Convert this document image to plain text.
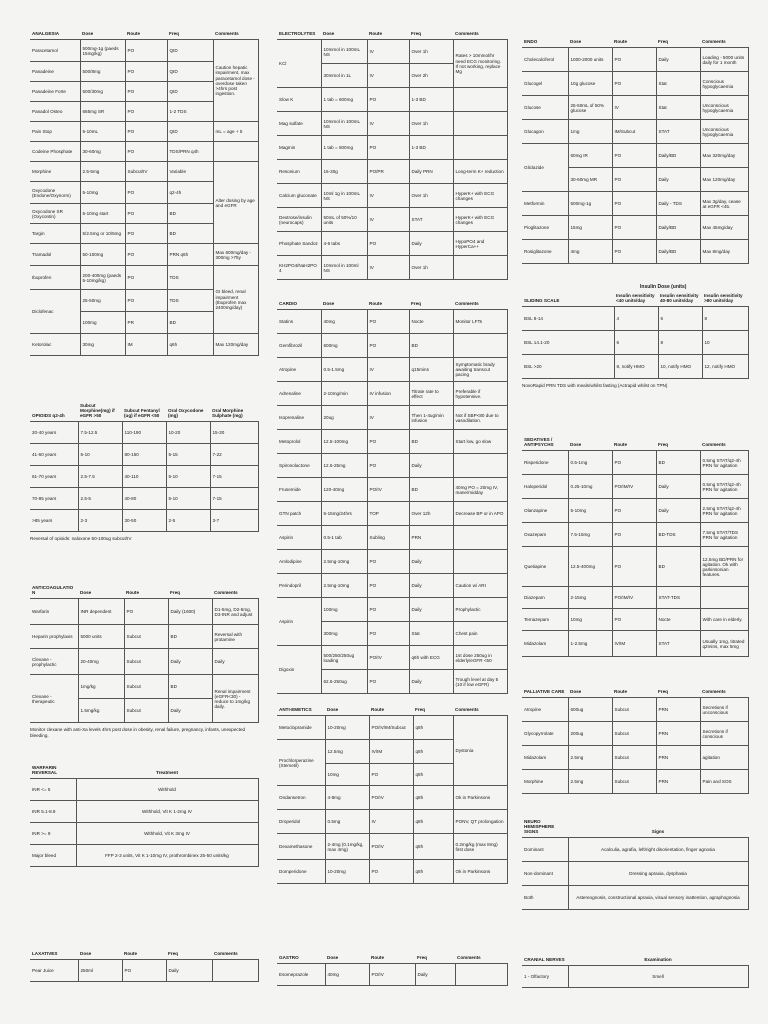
ANALGESIA	Dose	Route	Freq	Comments
Paracetamol	500mg-1g (paeds 15mg/kg)	PO	QID	Caution hepatic impairment, max paracetamol dose - overdose taken >4hrs post ingestion.
Panadeine	500/8mg	PO	QID	
Panadeine Forte	500/30mg	PO	QID	
Panadol Osteo	665mg SR	PO	1-2 TDS	
Pain Stop	5-10mL	PO	QID	mL = age + 5
Codeine Phosphate	30-60mg	PO	TDS/PRN q4h	
Morphine	2.5-5mg	Subcut/IV	Variable	Alter dosing by age and eGFR
Oxycodone (Endone/Oxynorm)	5-10mg	PO	q2-4h	
Oxycodone SR (Oxycontin)	5-10mg start	PO	BD	
Targin	5/2.5mg or 10/5mg	PO	BD	
Tramadol	50-100mg	PO	PRN q6h	Max 600mg/day - 300mg >75y
Ibuprofen	200-400mg (paeds 5-10mg/kg)	PO	TDS	GI bleed, renal impairment (Ibuprofen max 2400mg/day)
Diclofenac	25-50mg	PO	TDS	
	100mg	PR	BD	
Ketorolac	30mg	IM	q6h	Max 120mg/day
OPIOIDS q2-4h	Subcut Morphine(mg) if eGFR >50	Subcut Fentanyl (ug) if eGFR <50	Oral Oxycodone (mg)	Oral Morphine Sulphate (mg)
20-40 years	7.5-12.5	110-190	10-20	15-30
41-60 years	5-10	80-150	5-15	7-22
61-70 years	2.5-7.5	40-110	5-10	7-15
70-85 years	2.5-5	40-80	5-10	7-15
>85 years	2-3	30-50	2-5	3-7
Reversal of opioids: naloxone 50-100ug subcut/IV
ANTICOAGULATION	Dose	Route	Freq	Comments
Warfarin	INR dependent	PO	Daily (1600)	D1-5mg, D2-5mg, D3-INR and adjust
Heparin prophylaxis	5000 units	Subcut	BD	Reversal with protamine
Clexane - prophylactic	20-40mg	Subcut	Daily	Daily
Clexane - therapeutic	1mg/kg	Subcut	BD	Renal impairment (eGFR<30) - reduce to 1mg/kg daily.
	1.5mg/kg	Subcut	Daily	
Monitor clexane with anti-Xa levels 4hrs post dose in obesity, renal failure, pregnancy, infants, unexpected bleeding.
WARFARIN REVERSAL	Treatment
INR <= 5	Withhold
INR 5.1-8.9	Withhold, Vit K 1-2mg IV
INR >= 9	Withhold, Vit K 3mg IV
Major bleed	FFP 2-3 units, Vit K 1-10mg IV, prothrombinex 25-50 units/kg
LAXATIVES	Dose	Route	Freq	Comments
Pear Juice	250ml	PO	Daily	
ELECTROLYTES	Dose	Route	Freq	Comments
KCl	10mmol in 100mL NS	IV	Over 1h	Rates > 10mmol/hr need ECG monitoring. If not working, replace Mg
	30mmol in 1L	IV	Over 2h	
Slow K	1 tab = 600mg	PO	1-3 BD	
Mag sulfate	10mmol in 100mL NS	IV	Over 1h	
Magmin	1 tab = 500mg	PO	1-3 BD	
Resonium	15-30g	PO/PR	Daily PRN	Long-term K+ reduction
Calcium gluconate	10ml 1g in 100mL NS	IV	Over 1h	HyperK+ with ECG changes
Dextrose/insulin (neurocaps)	50mL of 50%/10 units	IV	STAT	HyperK+ with ECG changes
Phosphate Sandoz	4-6 tabs	PO	Daily	HypoPO4 and HyperCa++
KH2PO4/NaH2PO4	10mmol in 100ml NS	IV	Over 1h	
CARDIO	Dose	Route	Freq	Comments
Statins	40mg	PO	Nocte	Monitor LFTs
Gemfibrozil	600mg	PO	BD	
Atropine	0.5-1.5mg	IV	q15mins	Symptomatic brady awaiting transcut pacing
Adrenaline	2-10mg/min	IV infusion	Titrate rate to effect	Preferable if hypotensive.
Isoprenaline	20ug	IV	Then 1-4ug/min infusion	Not if SBP<80 due to vasodilation.
Metoprolol	12.5-100mg	PO	BD	Start low, go slow
Spironolactone	12.5-25mg	PO	Daily	
Frusemide	120-40mg	PO/IV	BD	40mg PO = 20mg IV, mane/midday
GTN patch	5-15mg/24hrs	TOP	Over 12h	Decrease BP or in APO
Aspirin	0.5-1 tab	Subling	PRN	
Amlodipine	2.5mg-10mg	PO	Daily	
Perindopril	2.5mg-10mg	PO	Daily	Caution w/ ARI
Aspirin	100mg	PO	Daily	Prophylactic
	300mg	PO	Stat	Chest pain
Digoxin	500/250/250ug loading	PO/IV	q6h with ECG	1st dose 250ug in elderly/eGFR <50
	62.5-250ug	PO	Daily	Trough level at day 5 (10 if low eGFR)
ANTI-EMETICS	Dose	Route	Freq	Comments
Metoclopramide	10-20mg	PO/IV/IM/Subcut	q8h	Dystonia
Prochlorperazine (Stemetil)	12.5mg	IV/IM	q8h	
	10mg	PO	q8h	
Ondansetron	4-8mg	PO/IV	q8h	Ok in Parkinsons
Droperidol	0.5mg	IV	q8h	PONV, QT prolongation
Dexamethasone	2-4mg (0.1mg/kg, max 4mg)	PO/IV	q8h	0.2mg/kg (max 8mg) first dose
Domperidone	10-20mg	PO	q8h	Ok in Parkinsons
GASTRO	Dose	Route	Freq	Comments
Esomeprazole	40mg	PO/IV	Daily	
ENDO	Dose	Route	Freq	Comments
Cholecalciferol	1000-2000 units	PO	Daily	Loading - 5000 units daily for 1 month
Glucogel	10g glucose	PO	Stat	Conscious hypoglycaemia
Glucose	25-50mL of 50% glucose	IV	Stat	Unconscious hypoglycaemia
Glucagon	1mg	IM/Subcut	STAT	Unconscious hypoglycaemia
Gliclazide	60mg IR	PO	Daily/BD	Max 320mg/day
	30-60mg MR	PO	Daily	Max 120mg/day
Metformin	500mg-1g	PO	Daily - TDS	Max 3g/day, cease at eGFR <45.
Pioglitazone	15mg	PO	Daily/BD	Max 45mg/day
Rosiglitazone	4mg	PO	Daily/BD	Max 8mg/day
Insulin Dose (units)
SLIDING SCALE	Insulin sensitivity <40 units/day	Insulin sensitivity 40-80 units/day	Insulin sensitivity >80 units/day
BSL 8-14	4	6	8
BSL 14.1-20	6	8	10
BSL >20	8, notify HMO	10, notify HMO	12, notify HMO
NovoRapid PRN TDS with meals/whilst fasting (Actrapid whilst on TPN)
SEDATIVES / ANTIPSYCHS	Dose	Route	Freq	Comments
Risperidone	0.5-1mg	PO	BD	0.5mg STAT/q2-4h PRN for agitation
Haloperidol	0.25-10mg	PO/IM/IV	Daily	0.5mg STAT/q2-4h PRN for agitation
Olanzapine	5-10mg	PO	Daily	2.5mg STAT/q2-4h PRN for agitation
Oxazepam	7.5-15mg	PO	BD-TDS	7.5mg STAT/TDS PRN for agitation
Quetiapine	12.5-400mg	PO	BD	12.5mg BD/PRN for agitation. Ok with parkinsonian features.
Diazepam	2-15mg	PO/IM/IV	STAT-TDS	
Temazepam	10mg	PO	Nocte	With care in elderly.
Midazolam	1-2.5mg	IV/IM	STAT	Usually 1mg, titrated q2mins, max 5mg
PALLIATIVE CARE	Dose	Route	Freq	Comments
Atropine	600ug	Subcut	PRN	Secretions if unconscious
Glycopyrrolate	200ug	Subcut	PRN	Secretions if conscious
Midazolam	2.5mg	Subcut	PRN	agitation
Morphine	2.5mg	Subcut	PRN	Pain and SOS
NEURO HEMISPHERE SIGNS	Signs
Dominant	Acalculia, agrafia, left/right disorientation, finger agnosia
Non-dominant	Dressing apraxia, dysphasia
Both	Astereognosis, constructional apraxia, visual sensory inattention, agraphognosia
CRANIAL NERVES	Examination
1 - Olfactory	Smell
